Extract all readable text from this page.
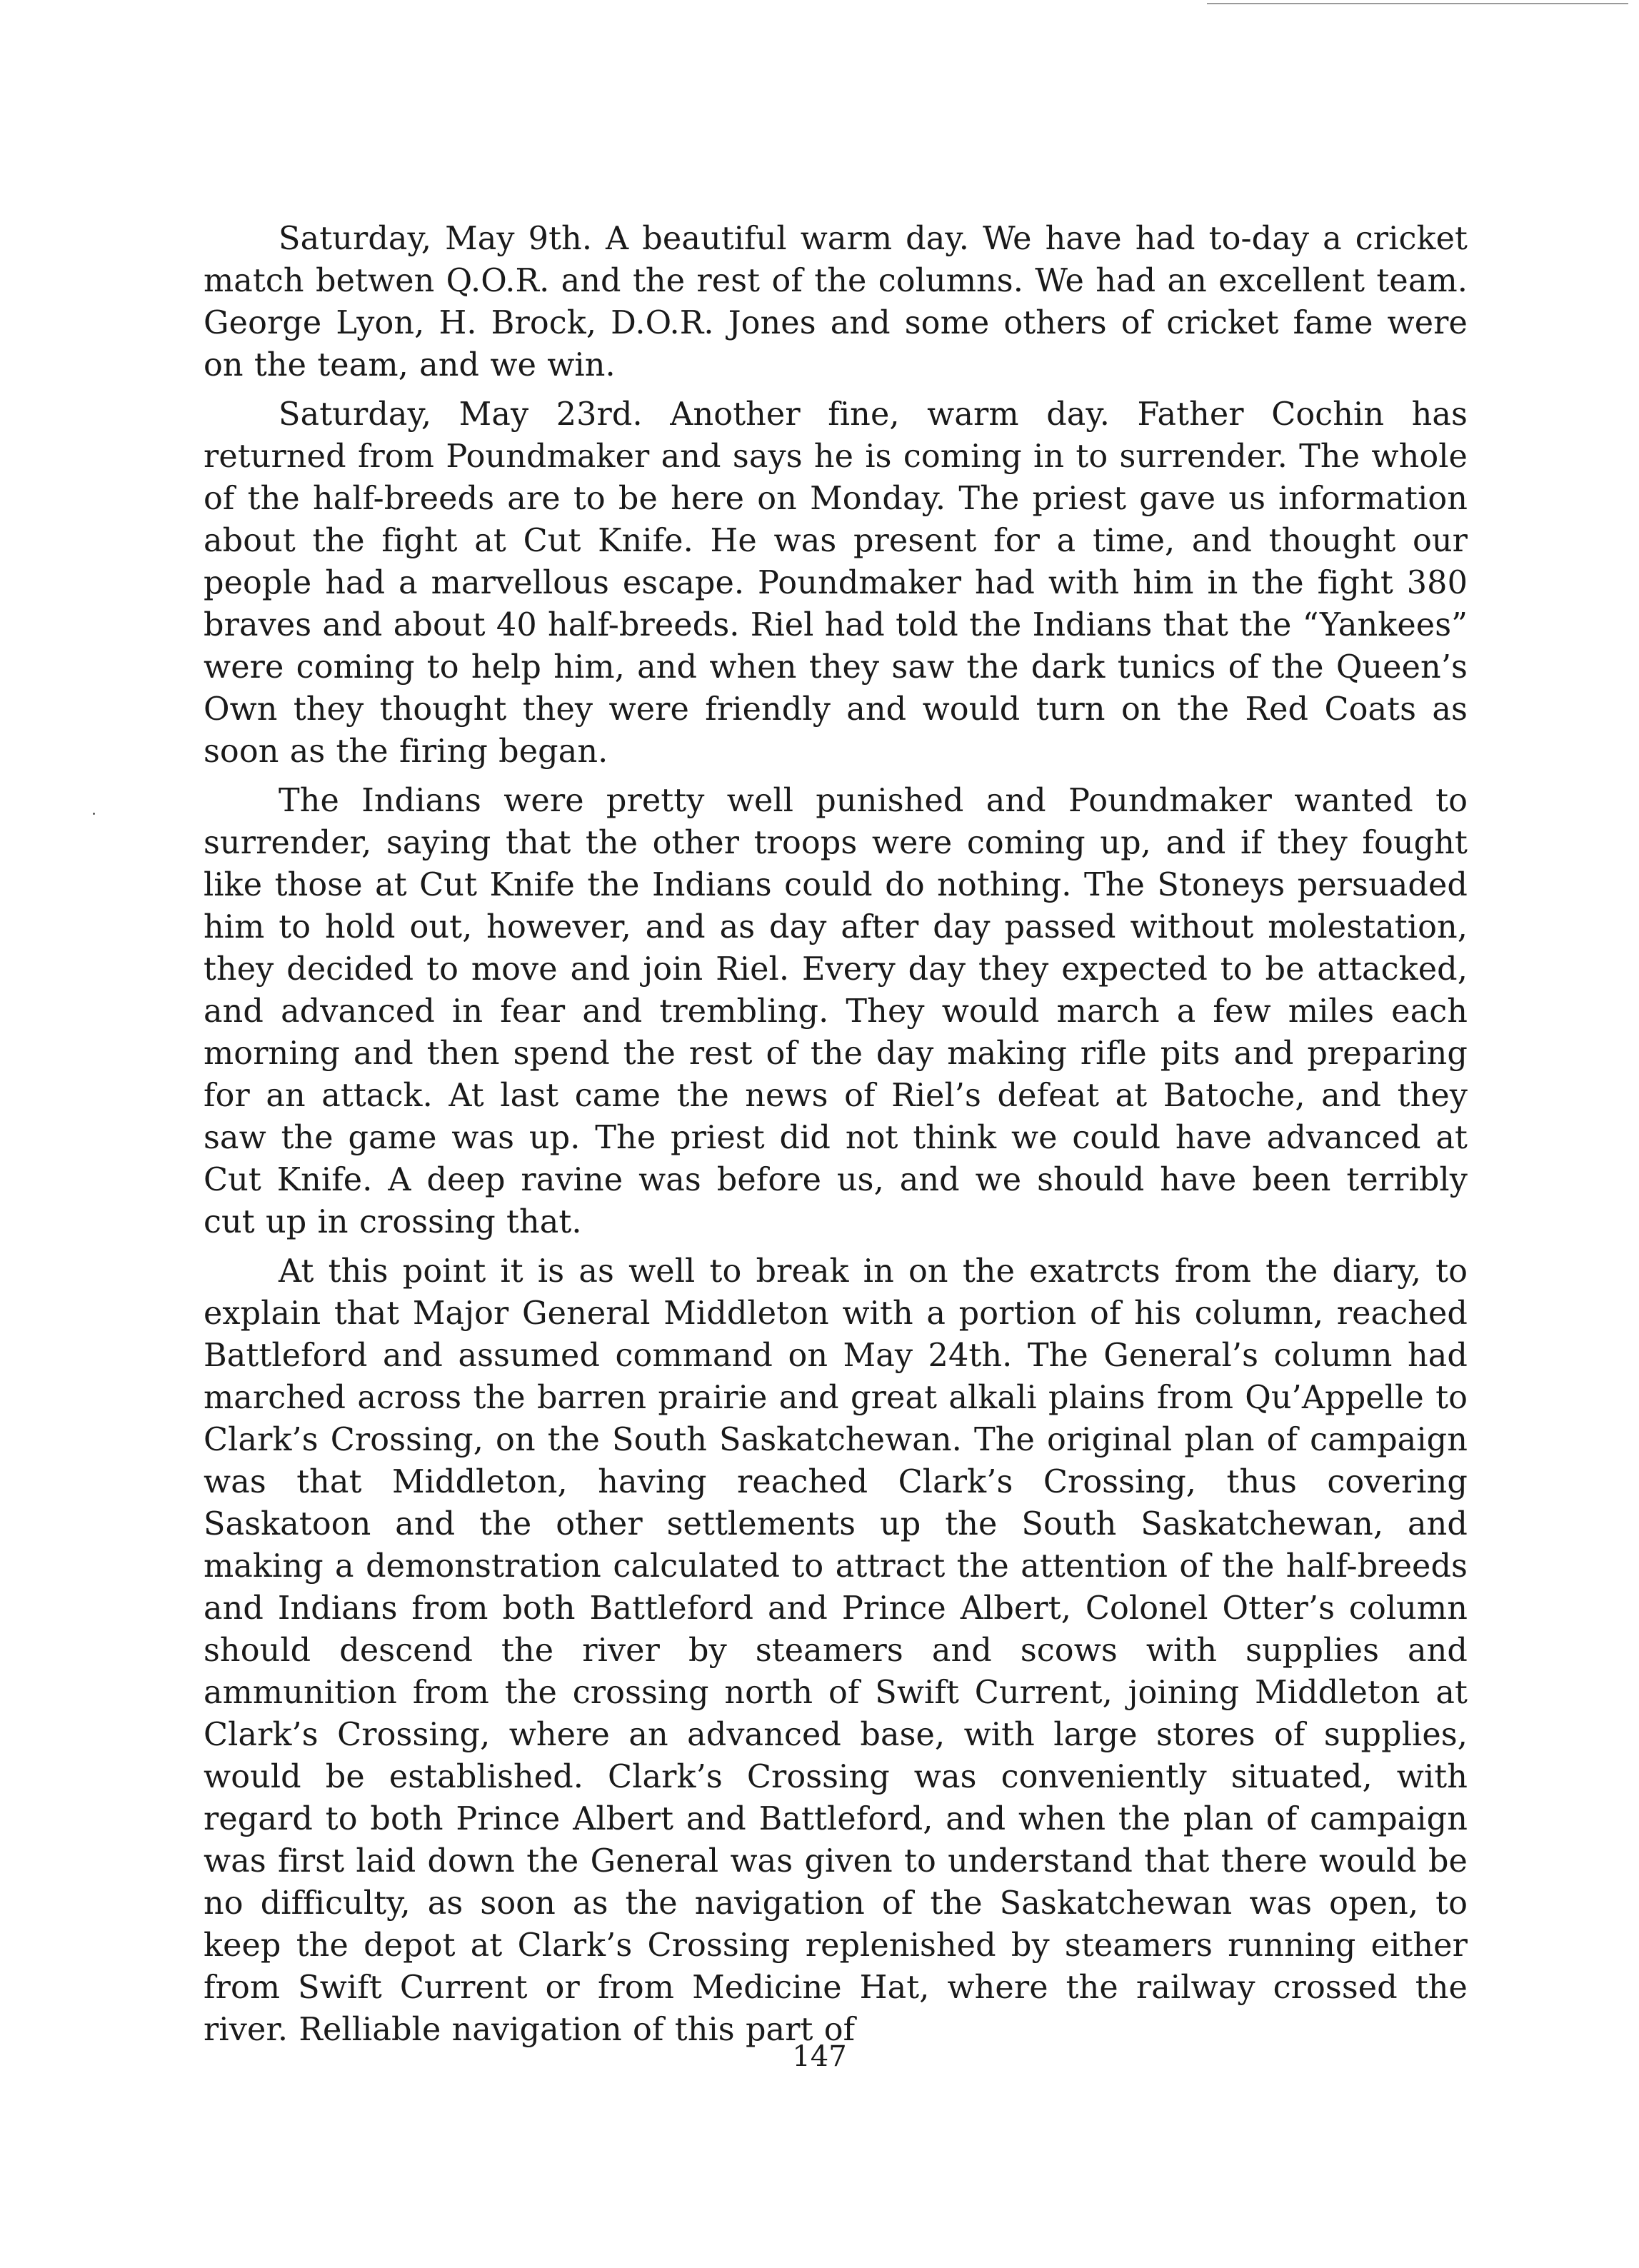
Saturday, May 9th. A beautiful warm day. We have had to-day a cricket match betwen Q.O.R. and the rest of the columns. We had an excellent team. George Lyon, H. Brock, D.O.R. Jones and some others of cricket fame were on the team, and we win.

Saturday, May 23rd. Another fine, warm day. Father Cochin has returned from Poundmaker and says he is coming in to surrender. The whole of the half-breeds are to be here on Monday. The priest gave us information about the fight at Cut Knife. He was present for a time, and thought our people had a marvellous escape. Poundmaker had with him in the fight 380 braves and about 40 half-breeds. Riel had told the Indians that the “Yankees” were coming to help him, and when they saw the dark tunics of the Queen’s Own they thought they were friendly and would turn on the Red Coats as soon as the firing began.

The Indians were pretty well punished and Poundmaker wanted to surrender, saying that the other troops were coming up, and if they fought like those at Cut Knife the Indians could do nothing. The Stoneys persuaded him to hold out, however, and as day after day passed without molestation, they decided to move and join Riel. Every day they expected to be attacked, and advanced in fear and trembling. They would march a few miles each morning and then spend the rest of the day making rifle pits and preparing for an attack. At last came the news of Riel’s defeat at Batoche, and they saw the game was up. The priest did not think we could have advanced at Cut Knife. A deep ravine was before us, and we should have been terribly cut up in crossing that.

At this point it is as well to break in on the exatrcts from the diary, to explain that Major General Middleton with a portion of his column, reached Battleford and assumed command on May 24th. The General’s column had marched across the barren prairie and great alkali plains from Qu’Appelle to Clark’s Crossing, on the South Saskatchewan. The original plan of campaign was that Middleton, having reached Clark’s Crossing, thus covering Saskatoon and the other settlements up the South Saskatchewan, and making a demonstration calculated to attract the attention of the half-breeds and Indians from both Battleford and Prince Albert, Colonel Otter’s column should descend the river by steamers and scows with supplies and ammunition from the crossing north of Swift Current, joining Middleton at Clark’s Crossing, where an advanced base, with large stores of supplies, would be established. Clark’s Crossing was conveniently situated, with regard to both Prince Albert and Battleford, and when the plan of campaign was first laid down the General was given to understand that there would be no difficulty, as soon as the navigation of the Saskatchewan was open, to keep the depot at Clark’s Crossing replenished by steamers running either from Swift Current or from Medicine Hat, where the railway crossed the river. Relliable navigation of this part of

147
